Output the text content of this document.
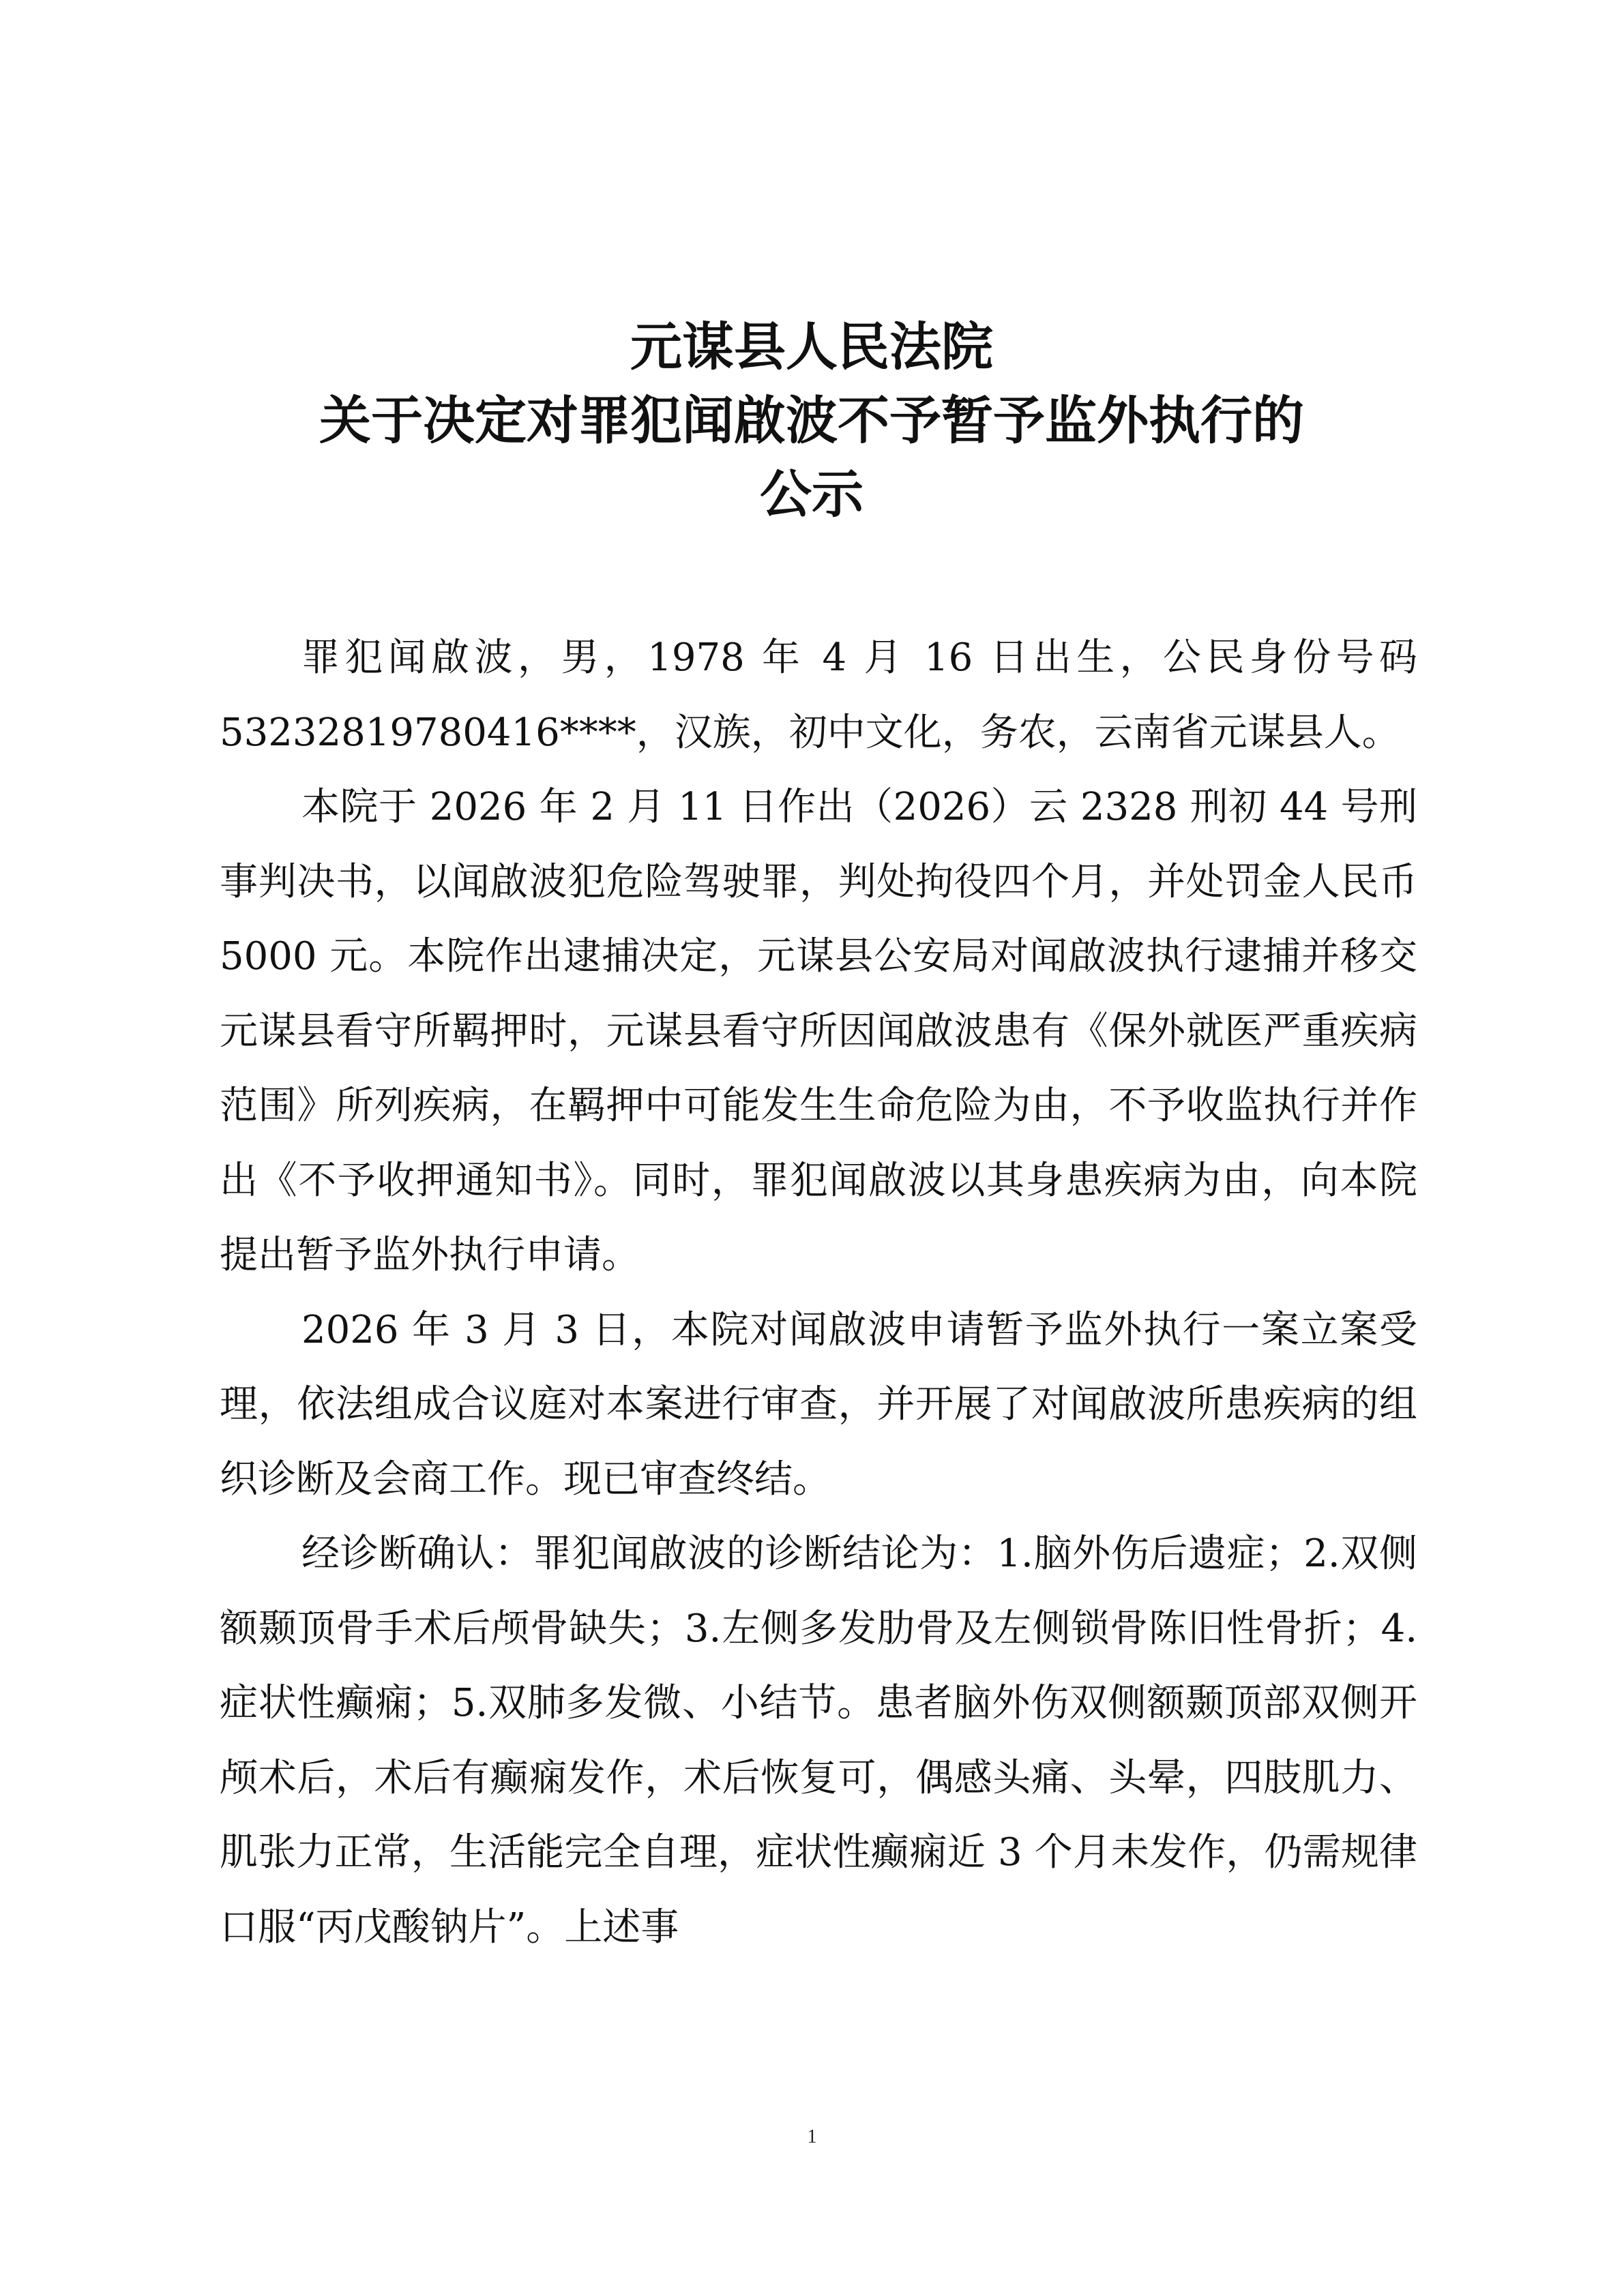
元谋县人民法院
关于决定对罪犯闻啟波不予暂予监外执行的
公示

罪犯闻啟波，男，1978 年 4 月 16 日出生，公民身份号码 53232819780416****，汉族，初中文化，务农，云南省元谋县人。

本院于 2026 年 2 月 11 日作出（2026）云 2328 刑初 44 号刑事判决书，以闻啟波犯危险驾驶罪，判处拘役四个月，并处罚金人民币 5000 元。本院作出逮捕决定，元谋县公安局对闻啟波执行逮捕并移交元谋县看守所羁押时，元谋县看守所因闻啟波患有《保外就医严重疾病范围》所列疾病，在羁押中可能发生生命危险为由，不予收监执行并作出《不予收押通知书》。同时，罪犯闻啟波以其身患疾病为由，向本院提出暂予监外执行申请。

2026 年 3 月 3 日，本院对闻啟波申请暂予监外执行一案立案受理，依法组成合议庭对本案进行审查，并开展了对闻啟波所患疾病的组织诊断及会商工作。现已审查终结。

经诊断确认：罪犯闻啟波的诊断结论为：1.脑外伤后遗症；2.双侧额颞顶骨手术后颅骨缺失；3.左侧多发肋骨及左侧锁骨陈旧性骨折；4.症状性癫痫；5.双肺多发微、小结节。患者脑外伤双侧额颞顶部双侧开颅术后，术后有癫痫发作，术后恢复可，偶感头痛、头晕，四肢肌力、肌张力正常，生活能完全自理，症状性癫痫近 3 个月未发作，仍需规律口服“丙戊酸钠片”。上述事

1
